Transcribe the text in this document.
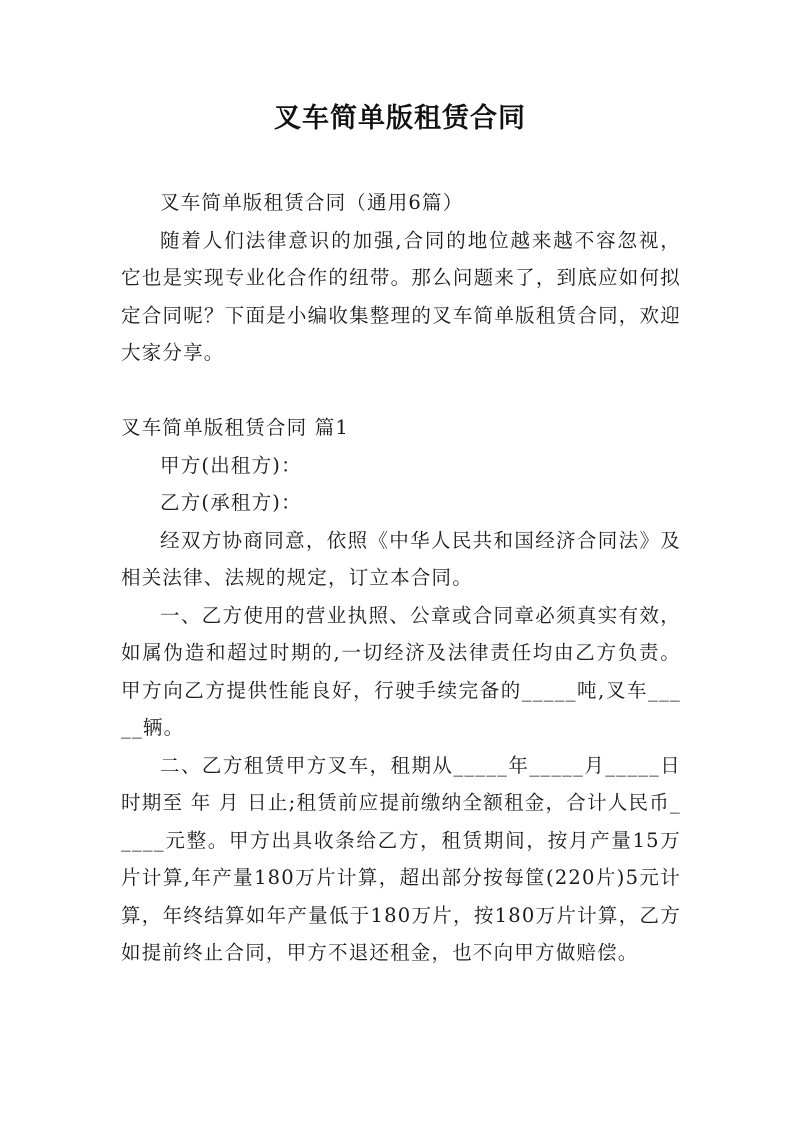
叉车简单版租赁合同

叉车简单版租赁合同（通用6篇）

随着人们法律意识的加强,合同的地位越来越不容忽视，它也是实现专业化合作的纽带。那么问题来了，到底应如何拟定合同呢？下面是小编收集整理的叉车简单版租赁合同，欢迎大家分享。

叉车简单版租赁合同 篇1

甲方(出租方)：

乙方(承租方)：

经双方协商同意，依照《中华人民共和国经济合同法》及相关法律、法规的规定，订立本合同。

一、乙方使用的营业执照、公章或合同章必须真实有效，如属伪造和超过时期的,一切经济及法律责任均由乙方负责。甲方向乙方提供性能良好，行驶手续完备的_____吨,叉车_____辆。

二、乙方租赁甲方叉车，租期从_____年_____月_____日时期至 年 月 日止;租赁前应提前缴纳全额租金，合计人民币_____元整。甲方出具收条给乙方，租赁期间，按月产量15万片计算,年产量180万片计算，超出部分按每筐(220片)5元计算，年终结算如年产量低于180万片，按180万片计算，乙方如提前终止合同，甲方不退还租金，也不向甲方做赔偿。
